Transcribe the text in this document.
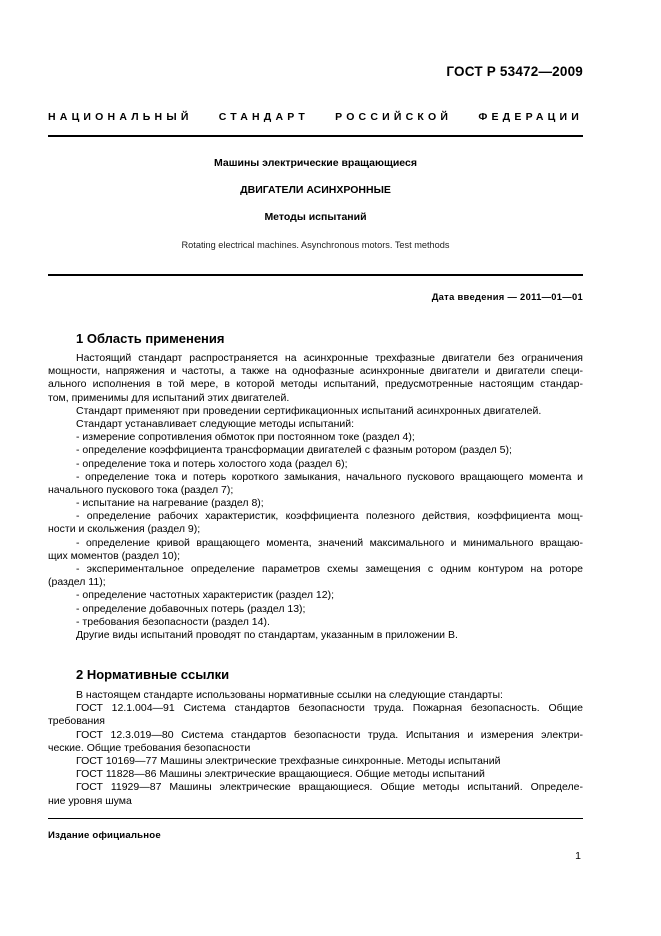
ГОСТ Р 53472—2009
НАЦИОНАЛЬНЫЙ СТАНДАРТ РОССИЙСКОЙ ФЕДЕРАЦИИ
Машины электрические вращающиеся
ДВИГАТЕЛИ АСИНХРОННЫЕ
Методы испытаний
Rotating electrical machines. Asynchronous motors. Test methods
Дата введения — 2011—01—01
1 Область применения
Настоящий стандарт распространяется на асинхронные трехфазные двигатели без ограничения
мощности, напряжения и частоты, а также на однофазные асинхронные двигатели и двигатели специ-
ального исполнения в той мере, в которой методы испытаний, предусмотренные настоящим стандар-
том, применимы для испытаний этих двигателей.
Стандарт применяют при проведении сертификационных испытаний асинхронных двигателей.
Стандарт устанавливает следующие методы испытаний:
- измерение сопротивления обмоток при постоянном токе (раздел 4);
- определение коэффициента трансформации двигателей с фазным ротором (раздел 5);
- определение тока и потерь холостого хода (раздел 6);
- определение тока и потерь короткого замыкания, начального пускового вращающего момента и
начального пускового тока (раздел 7);
- испытание на нагревание (раздел 8);
- определение рабочих характеристик, коэффициента полезного действия, коэффициента мощ-
ности и скольжения (раздел 9);
- определение кривой вращающего момента, значений максимального и минимального вращаю-
щих моментов (раздел 10);
- экспериментальное определение параметров схемы замещения с одним контуром на роторе
(раздел 11);
- определение частотных характеристик (раздел 12);
- определение добавочных потерь (раздел 13);
- требования безопасности (раздел 14).
Другие виды испытаний проводят по стандартам, указанным в приложении В.
2 Нормативные ссылки
В настоящем стандарте использованы нормативные ссылки на следующие стандарты:
ГОСТ 12.1.004—91 Система стандартов безопасности труда. Пожарная безопасность. Общие
требования
ГОСТ 12.3.019—80 Система стандартов безопасности труда. Испытания и измерения электри-
ческие. Общие требования безопасности
ГОСТ 10169—77 Машины электрические трехфазные синхронные. Методы испытаний
ГОСТ 11828—86 Машины электрические вращающиеся. Общие методы испытаний
ГОСТ 11929—87 Машины электрические вращающиеся. Общие методы испытаний. Определе-
ние уровня шума
Издание официальное
1
